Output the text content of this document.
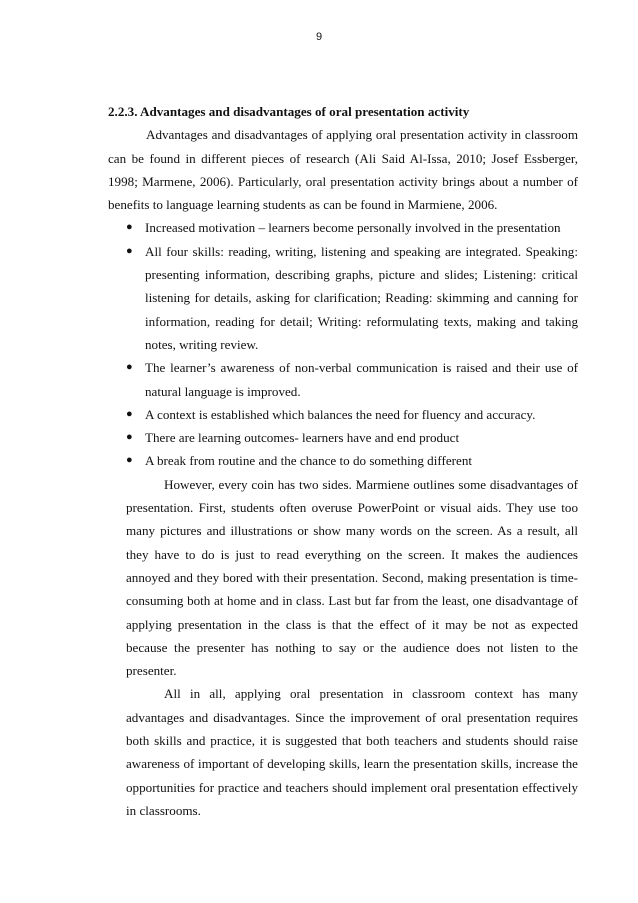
9

2.2.3. Advantages and disadvantages of oral presentation activity

Advantages and disadvantages of applying oral presentation activity in classroom can be found in different pieces of research (Ali Said Al-Issa, 2010; Josef Essberger, 1998; Marmene, 2006). Particularly, oral presentation activity brings about a number of benefits to language learning students as can be found in Marmiene, 2006.

● Increased motivation – learners become personally involved in the presentation
● All four skills: reading, writing, listening and speaking are integrated. Speaking: presenting information, describing graphs, picture and slides; Listening: critical listening for details, asking for clarification; Reading: skimming and canning for information, reading for detail; Writing: reformulating texts, making and taking notes, writing review.
● The learner’s awareness of non-verbal communication is raised and their use of natural language is improved.
● A context is established which balances the need for fluency and accuracy.
● There are learning outcomes- learners have and end product
● A break from routine and the chance to do something different

However, every coin has two sides. Marmiene outlines some disadvantages of presentation. First, students often overuse PowerPoint or visual aids. They use too many pictures and illustrations or show many words on the screen. As a result, all they have to do is just to read everything on the screen. It makes the audiences annoyed and they bored with their presentation. Second, making presentation is time-consuming both at home and in class. Last but far from the least, one disadvantage of applying presentation in the class is that the effect of it may be not as expected because the presenter has nothing to say or the audience does not listen to the presenter.

All in all, applying oral presentation in classroom context has many advantages and disadvantages. Since the improvement of oral presentation requires both skills and practice, it is suggested that both teachers and students should raise awareness of important of developing skills, learn the presentation skills, increase the opportunities for practice and teachers should implement oral presentation effectively in classrooms.
